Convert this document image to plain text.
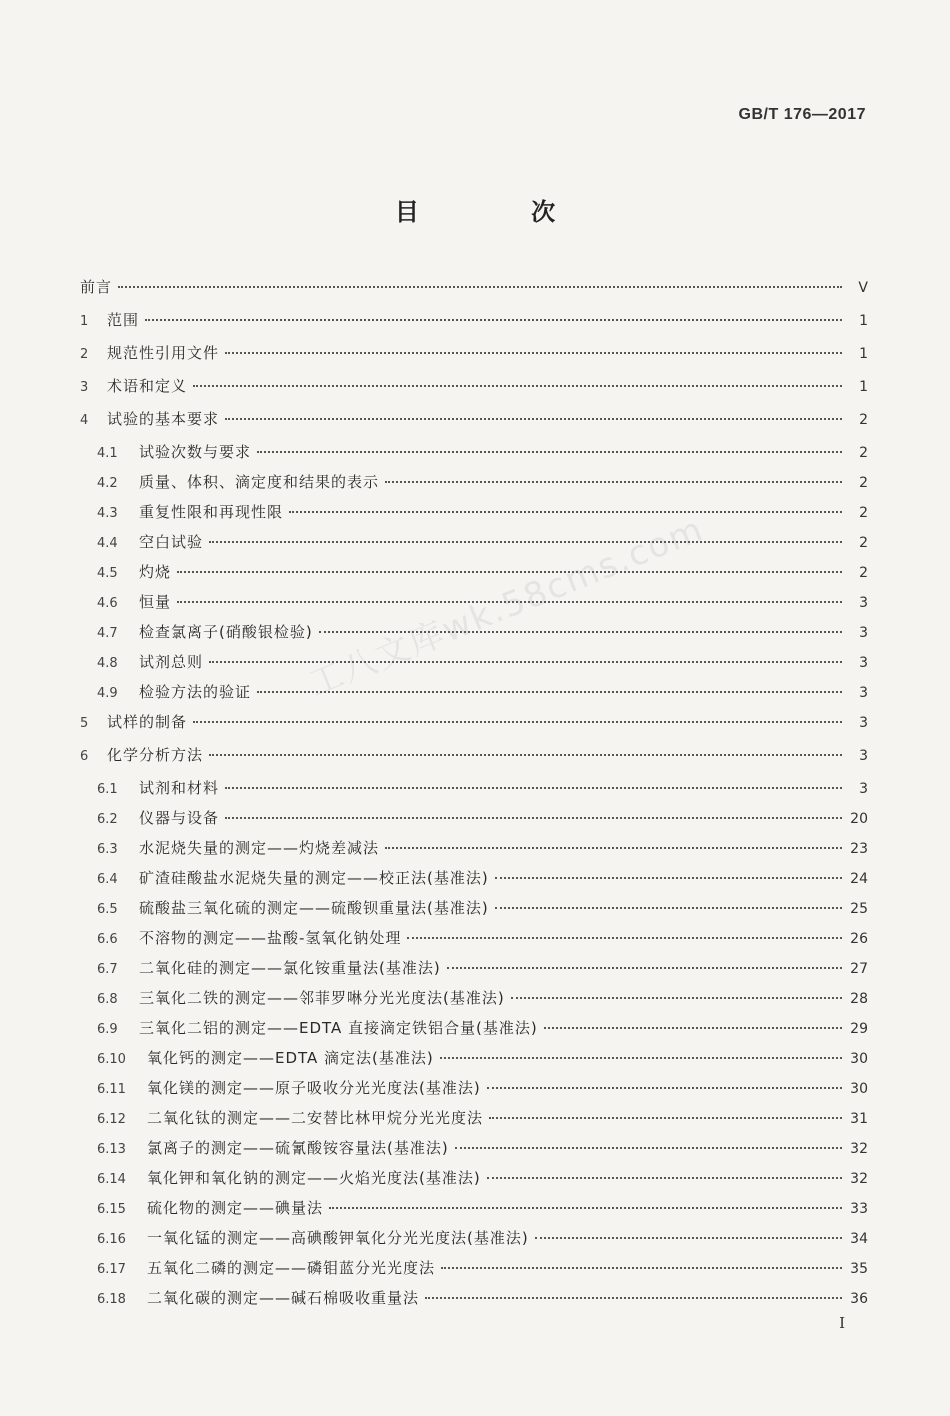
GB/T 176—2017
目 次
前言	V
1	范围	1
2	规范性引用文件	1
3	术语和定义	1
4	试验的基本要求	2
4.1	试验次数与要求	2
4.2	质量、体积、滴定度和结果的表示	2
4.3	重复性限和再现性限	2
4.4	空白试验	2
4.5	灼烧	2
4.6	恒量	3
4.7	检查氯离子(硝酸银检验)	3
4.8	试剂总则	3
4.9	检验方法的验证	3
5	试样的制备	3
6	化学分析方法	3
6.1	试剂和材料	3
6.2	仪器与设备	20
6.3	水泥烧失量的测定——灼烧差减法	23
6.4	矿渣硅酸盐水泥烧失量的测定——校正法(基准法)	24
6.5	硫酸盐三氧化硫的测定——硫酸钡重量法(基准法)	25
6.6	不溶物的测定——盐酸-氢氧化钠处理	26
6.7	二氧化硅的测定——氯化铵重量法(基准法)	27
6.8	三氧化二铁的测定——邻菲罗啉分光光度法(基准法)	28
6.9	三氧化二铝的测定——EDTA 直接滴定铁铝合量(基准法)	29
6.10	氧化钙的测定——EDTA 滴定法(基准法)	30
6.11	氧化镁的测定——原子吸收分光光度法(基准法)	30
6.12	二氧化钛的测定——二安替比林甲烷分光光度法	31
6.13	氯离子的测定——硫氰酸铵容量法(基准法)	32
6.14	氧化钾和氧化钠的测定——火焰光度法(基准法)	32
6.15	硫化物的测定——碘量法	33
6.16	一氧化锰的测定——高碘酸钾氧化分光光度法(基准法)	34
6.17	五氧化二磷的测定——磷钼蓝分光光度法	35
6.18	二氧化碳的测定——碱石棉吸收重量法	36
工八文库wk.58cms.com
I
